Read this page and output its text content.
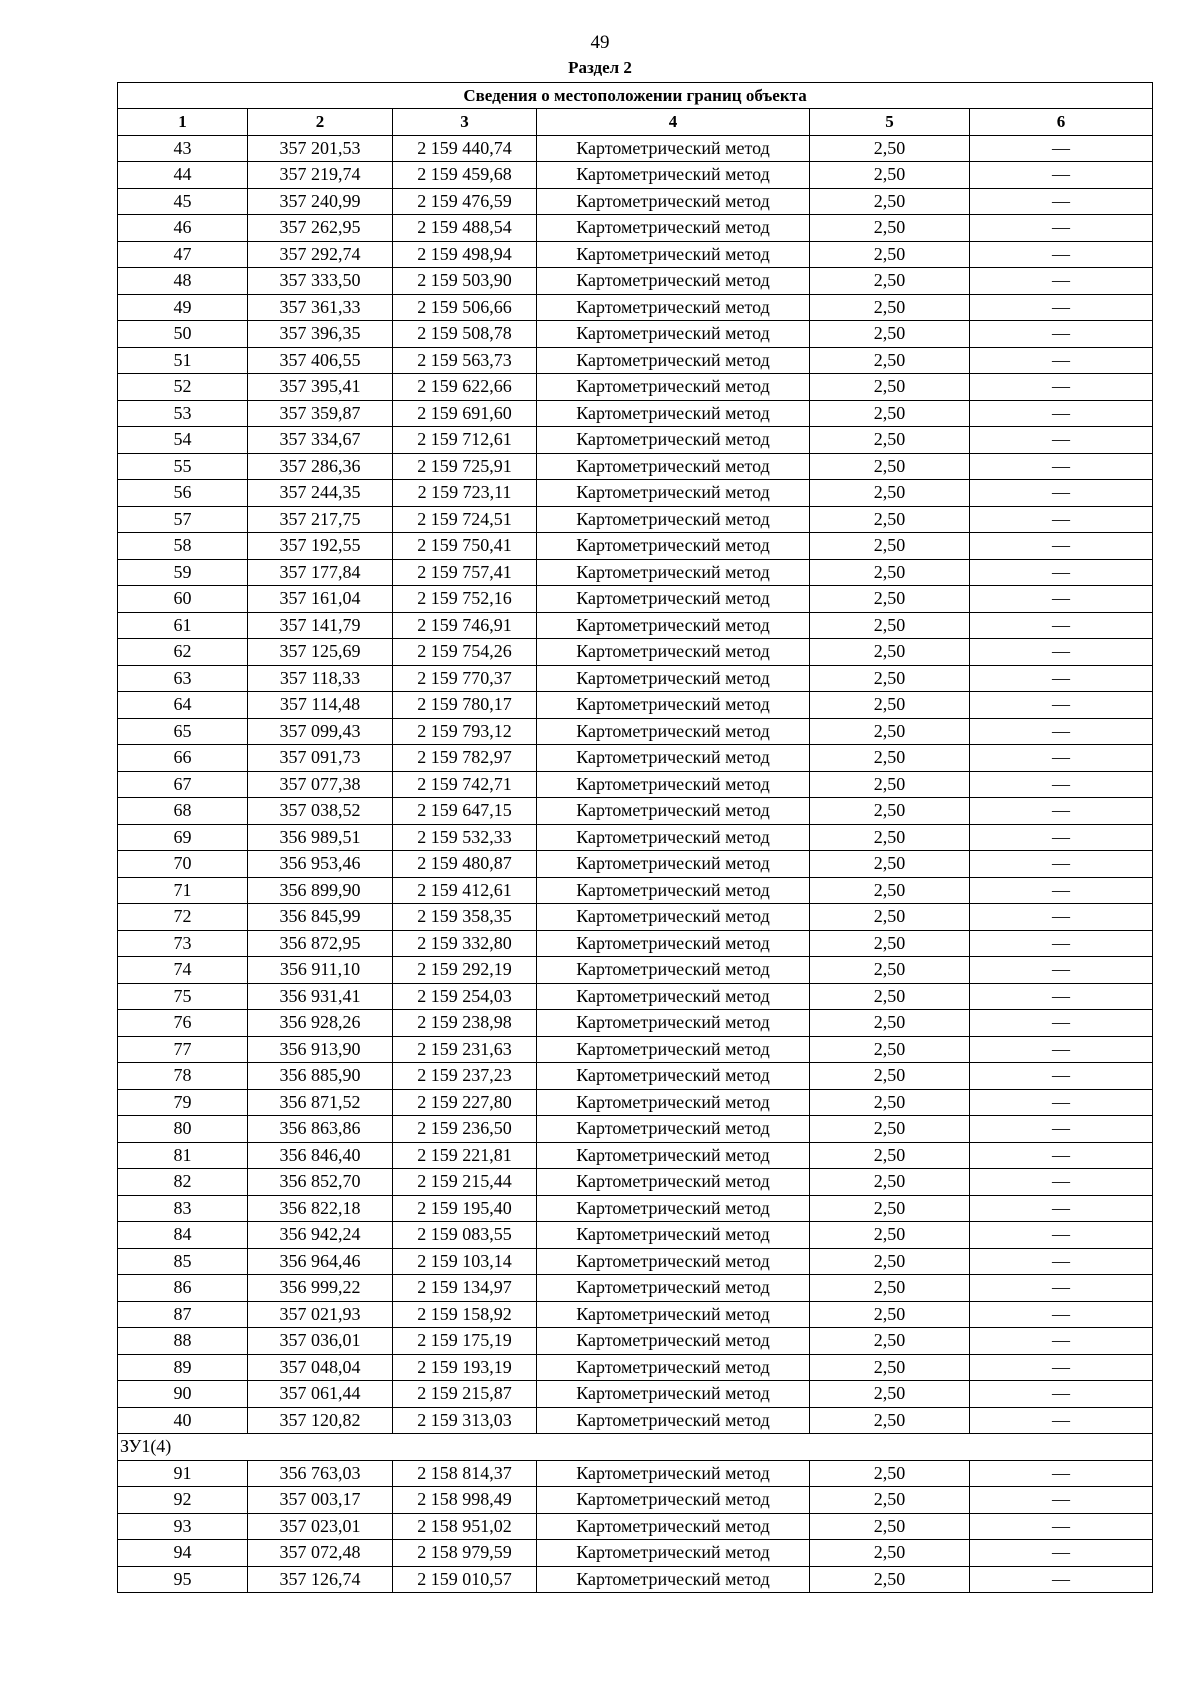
49
Раздел 2
Сведения о местоположении границ объекта					
1	2	3	4	5	6
43	357 201,53	2 159 440,74	Картометрический метод	2,50	—
44	357 219,74	2 159 459,68	Картометрический метод	2,50	—
45	357 240,99	2 159 476,59	Картометрический метод	2,50	—
46	357 262,95	2 159 488,54	Картометрический метод	2,50	—
47	357 292,74	2 159 498,94	Картометрический метод	2,50	—
48	357 333,50	2 159 503,90	Картометрический метод	2,50	—
49	357 361,33	2 159 506,66	Картометрический метод	2,50	—
50	357 396,35	2 159 508,78	Картометрический метод	2,50	—
51	357 406,55	2 159 563,73	Картометрический метод	2,50	—
52	357 395,41	2 159 622,66	Картометрический метод	2,50	—
53	357 359,87	2 159 691,60	Картометрический метод	2,50	—
54	357 334,67	2 159 712,61	Картометрический метод	2,50	—
55	357 286,36	2 159 725,91	Картометрический метод	2,50	—
56	357 244,35	2 159 723,11	Картометрический метод	2,50	—
57	357 217,75	2 159 724,51	Картометрический метод	2,50	—
58	357 192,55	2 159 750,41	Картометрический метод	2,50	—
59	357 177,84	2 159 757,41	Картометрический метод	2,50	—
60	357 161,04	2 159 752,16	Картометрический метод	2,50	—
61	357 141,79	2 159 746,91	Картометрический метод	2,50	—
62	357 125,69	2 159 754,26	Картометрический метод	2,50	—
63	357 118,33	2 159 770,37	Картометрический метод	2,50	—
64	357 114,48	2 159 780,17	Картометрический метод	2,50	—
65	357 099,43	2 159 793,12	Картометрический метод	2,50	—
66	357 091,73	2 159 782,97	Картометрический метод	2,50	—
67	357 077,38	2 159 742,71	Картометрический метод	2,50	—
68	357 038,52	2 159 647,15	Картометрический метод	2,50	—
69	356 989,51	2 159 532,33	Картометрический метод	2,50	—
70	356 953,46	2 159 480,87	Картометрический метод	2,50	—
71	356 899,90	2 159 412,61	Картометрический метод	2,50	—
72	356 845,99	2 159 358,35	Картометрический метод	2,50	—
73	356 872,95	2 159 332,80	Картометрический метод	2,50	—
74	356 911,10	2 159 292,19	Картометрический метод	2,50	—
75	356 931,41	2 159 254,03	Картометрический метод	2,50	—
76	356 928,26	2 159 238,98	Картометрический метод	2,50	—
77	356 913,90	2 159 231,63	Картометрический метод	2,50	—
78	356 885,90	2 159 237,23	Картометрический метод	2,50	—
79	356 871,52	2 159 227,80	Картометрический метод	2,50	—
80	356 863,86	2 159 236,50	Картометрический метод	2,50	—
81	356 846,40	2 159 221,81	Картометрический метод	2,50	—
82	356 852,70	2 159 215,44	Картометрический метод	2,50	—
83	356 822,18	2 159 195,40	Картометрический метод	2,50	—
84	356 942,24	2 159 083,55	Картометрический метод	2,50	—
85	356 964,46	2 159 103,14	Картометрический метод	2,50	—
86	356 999,22	2 159 134,97	Картометрический метод	2,50	—
87	357 021,93	2 159 158,92	Картометрический метод	2,50	—
88	357 036,01	2 159 175,19	Картометрический метод	2,50	—
89	357 048,04	2 159 193,19	Картометрический метод	2,50	—
90	357 061,44	2 159 215,87	Картометрический метод	2,50	—
40	357 120,82	2 159 313,03	Картометрический метод	2,50	—
ЗУ1(4)					
91	356 763,03	2 158 814,37	Картометрический метод	2,50	—
92	357 003,17	2 158 998,49	Картометрический метод	2,50	—
93	357 023,01	2 158 951,02	Картометрический метод	2,50	—
94	357 072,48	2 158 979,59	Картометрический метод	2,50	—
95	357 126,74	2 159 010,57	Картометрический метод	2,50	—
